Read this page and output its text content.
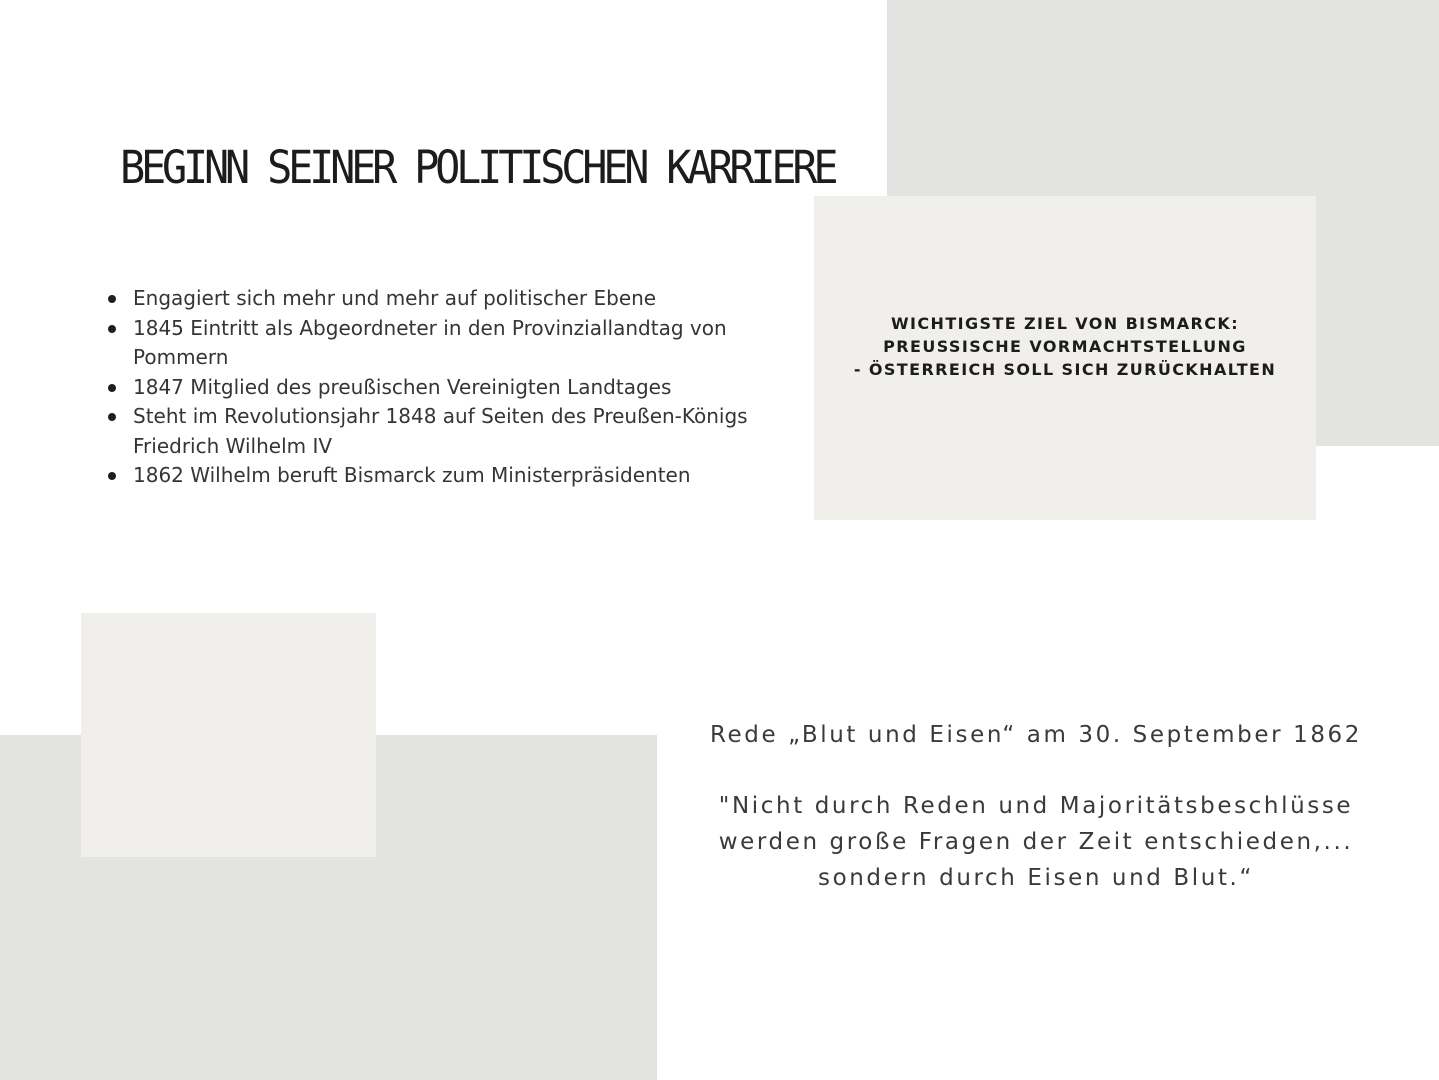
BEGINN SEINER POLITISCHEN KARRIERE
Engagiert sich mehr und mehr auf politischer Ebene
1845 Eintritt als Abgeordneter in den Provinziallandtag von Pommern
1847 Mitglied des preußischen Vereinigten Landtages
Steht im Revolutionsjahr 1848 auf Seiten des Preußen-Königs Friedrich Wilhelm IV
1862 Wilhelm beruft Bismarck zum Ministerpräsidenten
WICHTIGSTE ZIEL VON BISMARCK:
PREUSSISCHE VORMACHTSTELLUNG
- ÖSTERREICH SOLL SICH ZURÜCKHALTEN
Rede „Blut und Eisen“ am 30. September 1862
"Nicht durch Reden und Majoritätsbeschlüsse
werden große Fragen der Zeit entschieden,...
sondern durch Eisen und Blut.“
